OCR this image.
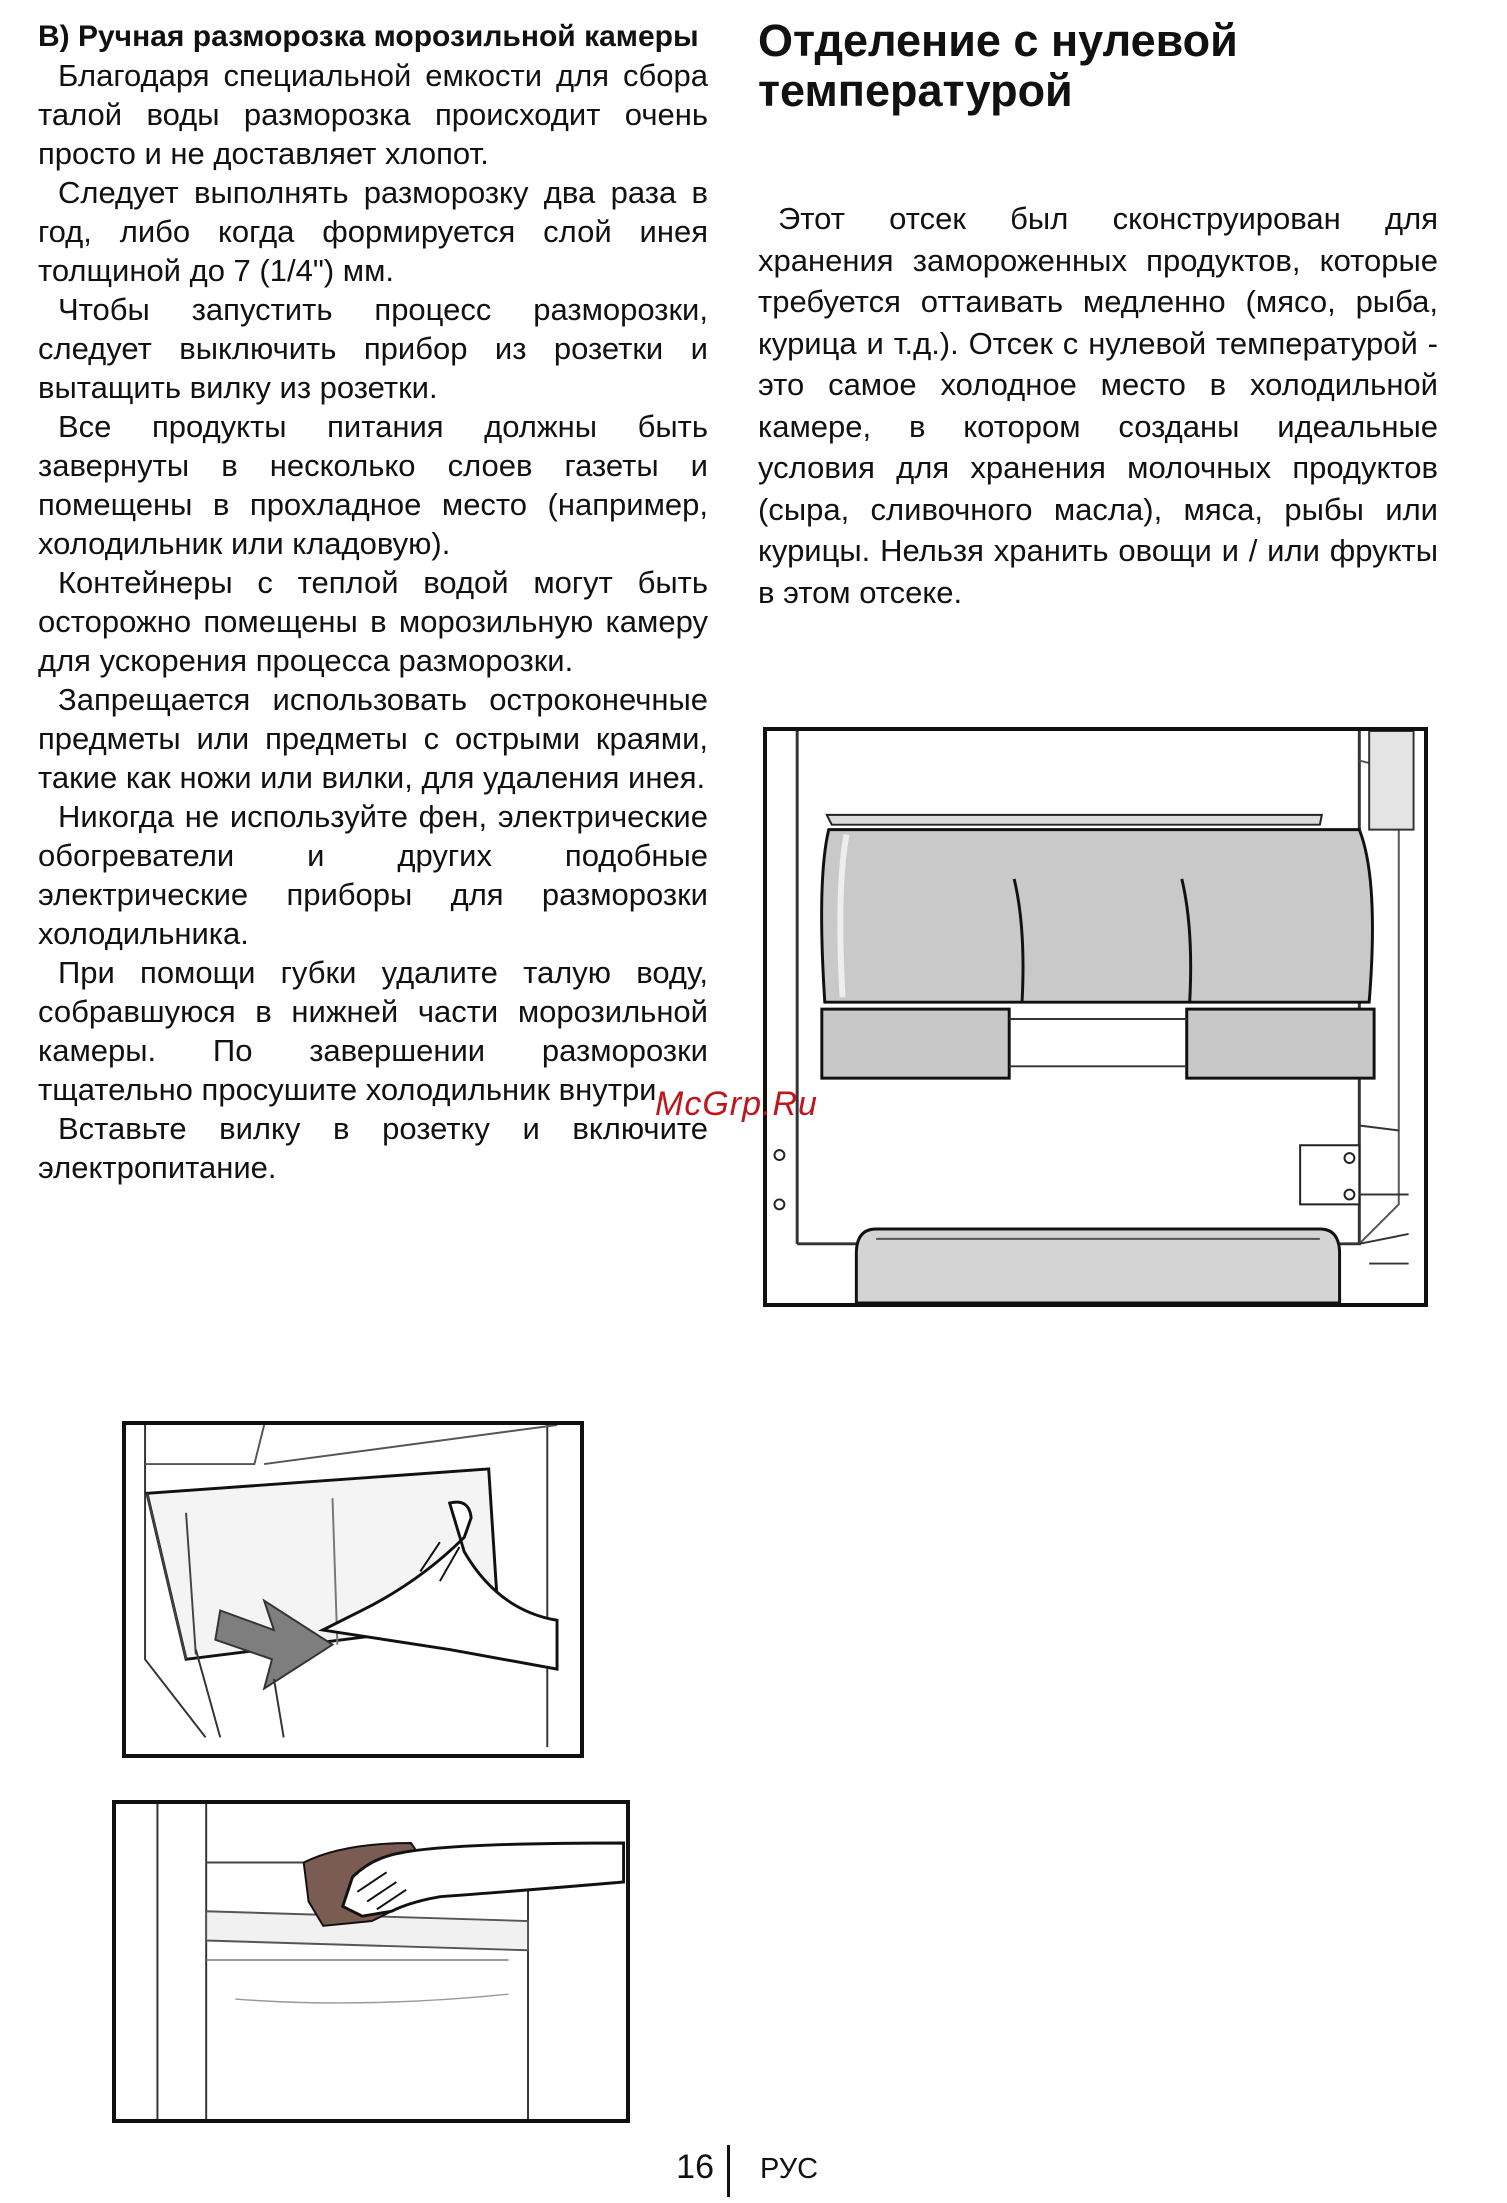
B) Ручная разморозка морозильной камеры

Благодаря специальной емкости для сбора талой воды разморозка происходит очень просто и не доставляет хлопот.

Следует выполнять разморозку два раза в год, либо когда формируется слой инея толщиной до 7 (1/4") мм.

Чтобы запустить процесс разморозки, следует выключить прибор из розетки и вытащить вилку из розетки.

Все продукты питания должны быть завернуты в несколько слоев газеты и помещены в прохладное место (например, холодильник или кладовую).

Контейнеры с теплой водой могут быть осторожно помещены в морозильную камеру для ускорения процесса разморозки.

Запрещается использовать остроконечные предметы или предметы с острыми краями, такие как ножи или вилки, для удаления инея.

Никогда не используйте фен, электрические обогреватели и других подобные электрические приборы для разморозки холодильника.

При помощи губки удалите талую воду, собравшуюся в нижней части морозильной камеры. По завершении разморозки тщательно просушите холодильник внутри.

Вставьте вилку в розетку и включите электропитание.

Отделение с нулевой температурой

Этот отсек был сконструирован для хранения замороженных продуктов, которые требуется оттаивать медленно (мясо, рыба, курица и т.д.). Отсек с нулевой температурой - это самое холодное место в холодильной камере, в котором созданы идеальные условия для хранения молочных продуктов (сыра, сливочного масла), мяса, рыбы или курицы. Нельзя хранить овощи и / или фрукты в этом отсеке.

McGrp.Ru
16 РУС
